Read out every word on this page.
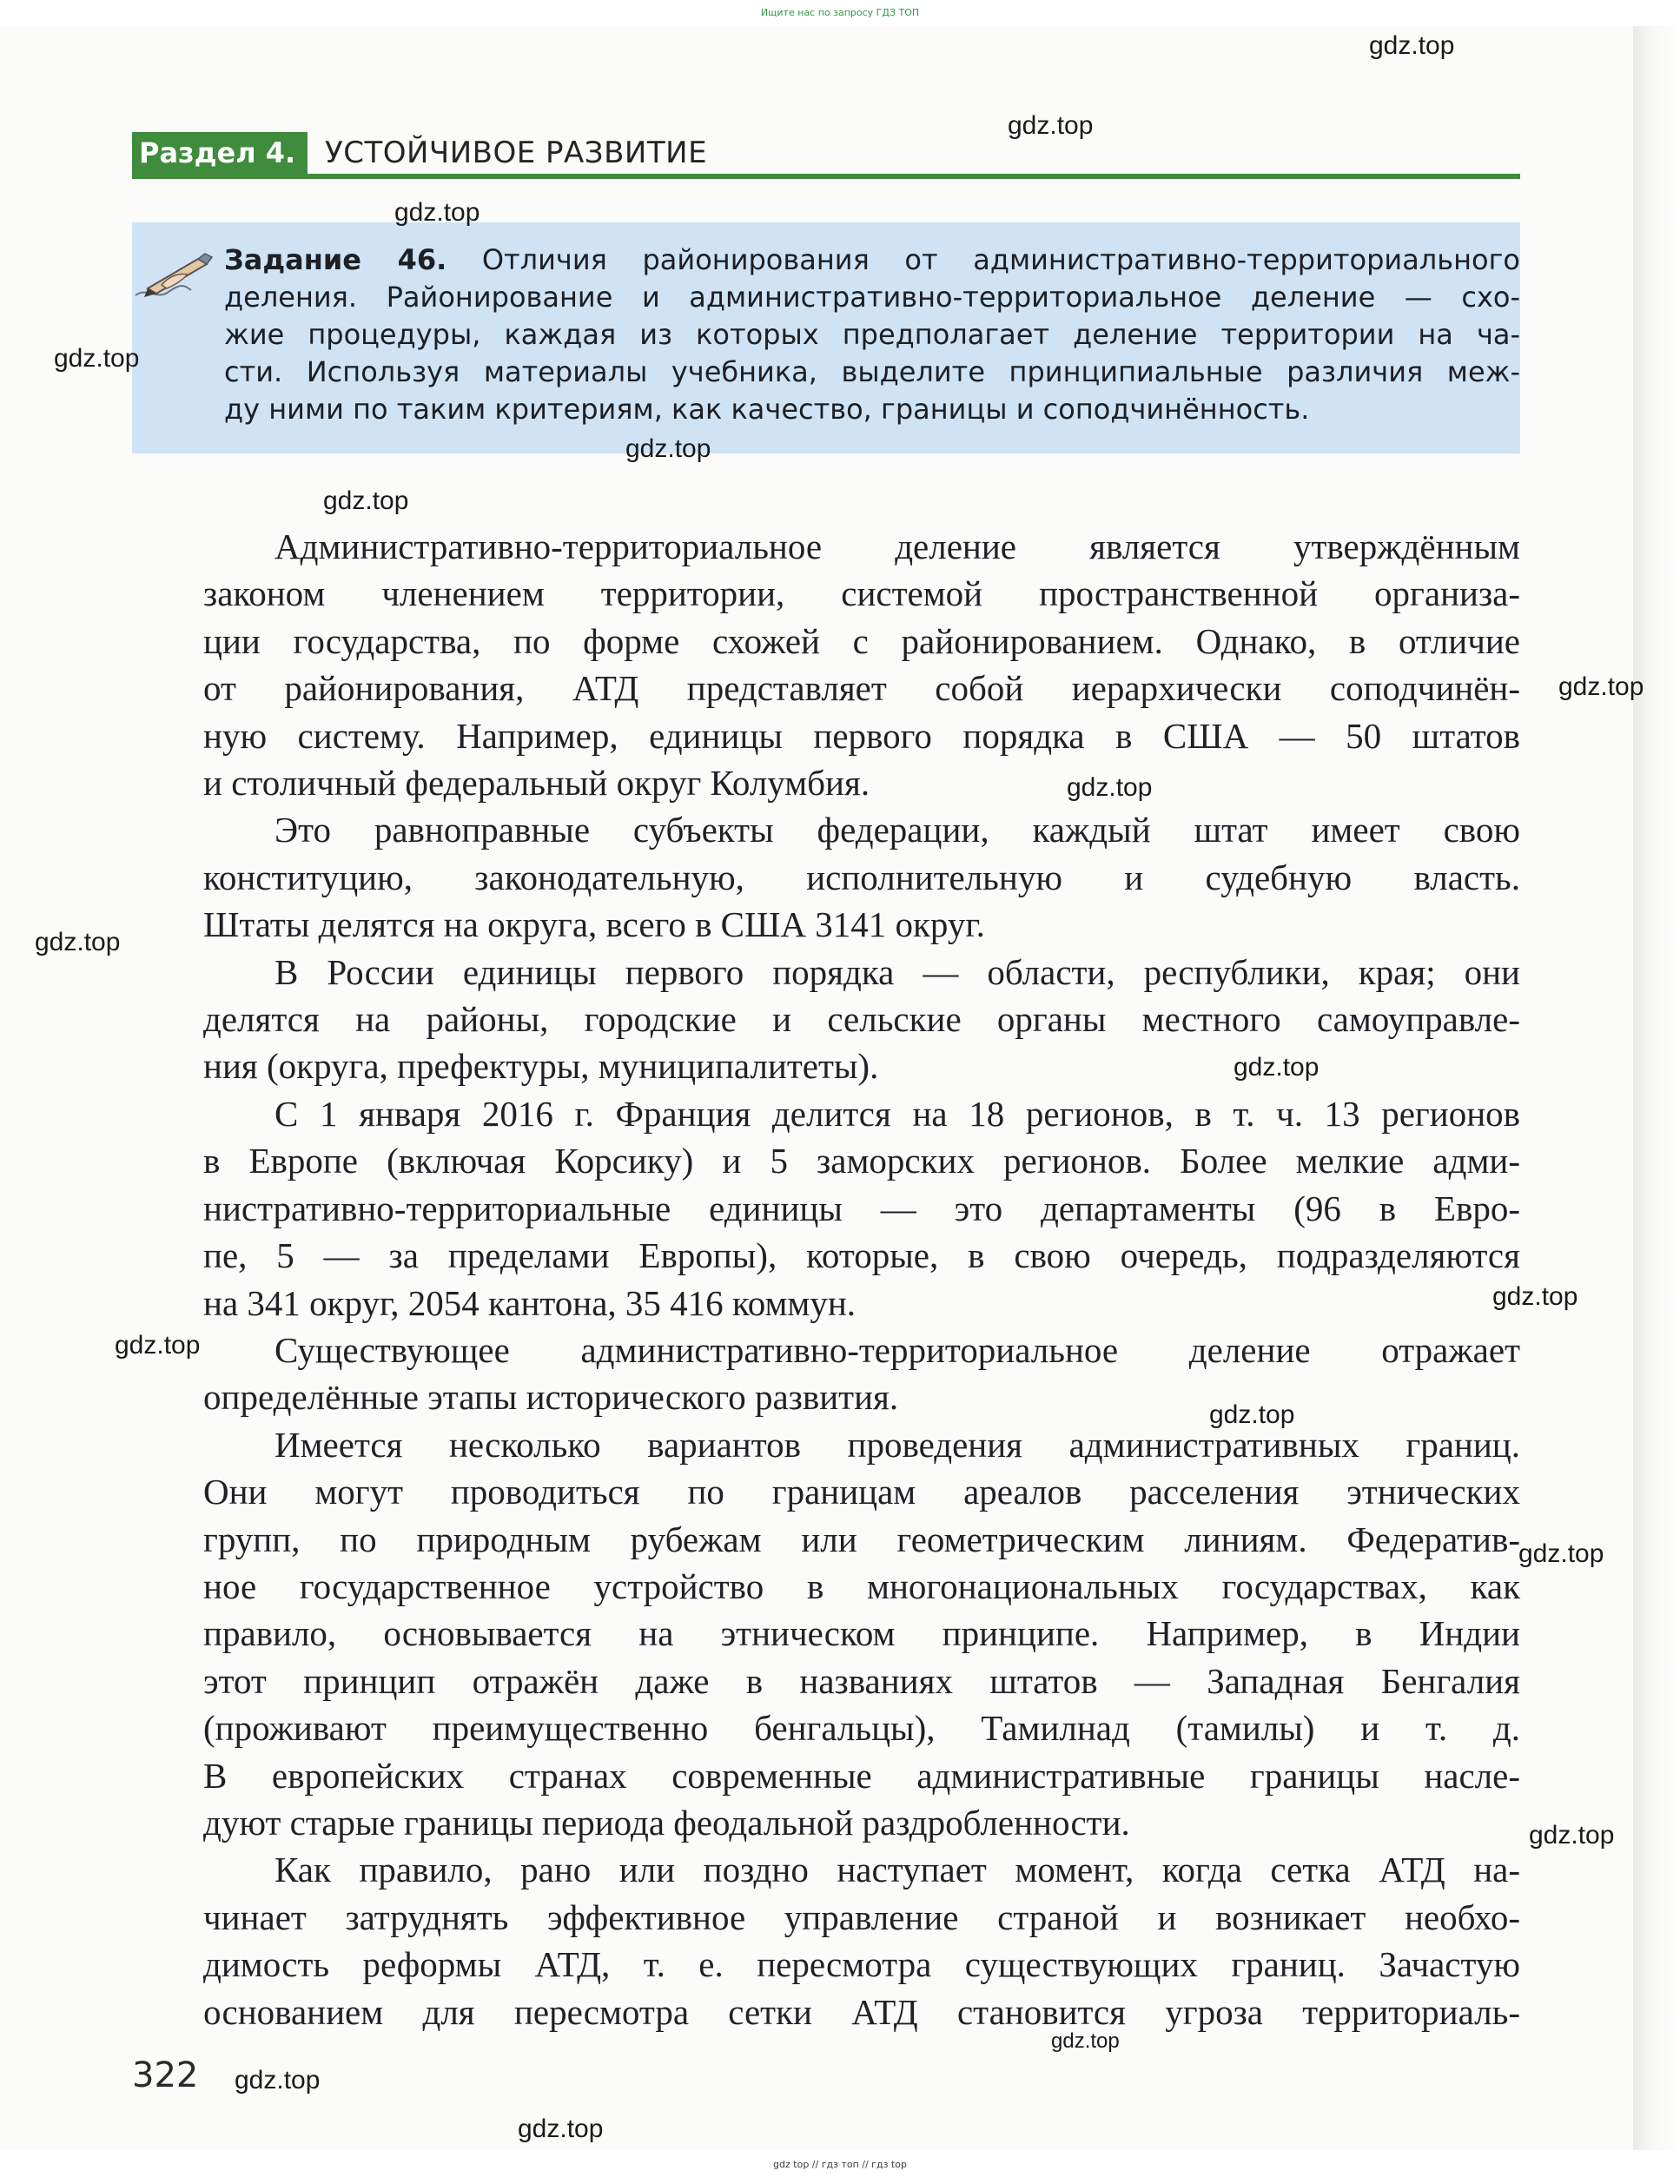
Ищите нас по запросу ГДЗ ТОП
Раздел 4. УСТОЙЧИВОЕ РАЗВИТИЕ
Задание 46. Отличия районирования от административно-территориального
деления. Районирование и административно-территориальное деление — схо-
жие процедуры, каждая из которых предполагает деление территории на ча-
сти. Используя материалы учебника, выделите принципиальные различия меж-
ду ними по таким критериям, как качество, границы и соподчинённость.
Административно-территориальное деление является утверждённым
законом членением территории, системой пространственной организа-
ции государства, по форме схожей с районированием. Однако, в отличие
от районирования, АТД представляет собой иерархически соподчинён-
ную систему. Например, единицы первого порядка в США — 50 штатов
и столичный федеральный округ Колумбия.
Это равноправные субъекты федерации, каждый штат имеет свою
конституцию, законодательную, исполнительную и судебную власть.
Штаты делятся на округа, всего в США 3141 округ.
В России единицы первого порядка — области, республики, края; они
делятся на районы, городские и сельские органы местного самоуправле-
ния (округа, префектуры, муниципалитеты).
С 1 января 2016 г. Франция делится на 18 регионов, в т. ч. 13 регионов
в Европе (включая Корсику) и 5 заморских регионов. Более мелкие адми-
нистративно-территориальные единицы — это департаменты (96 в Евро-
пе, 5 — за пределами Европы), которые, в свою очередь, подразделяются
на 341 округ, 2054 кантона, 35 416 коммун.
Существующее административно-территориальное деление отражает
определённые этапы исторического развития.
Имеется несколько вариантов проведения административных границ.
Они могут проводиться по границам ареалов расселения этнических
групп, по природным рубежам или геометрическим линиям. Федератив-
ное государственное устройство в многонациональных государствах, как
правило, основывается на этническом принципе. Например, в Индии
этот принцип отражён даже в названиях штатов — Западная Бенгалия
(проживают преимущественно бенгальцы), Тамилнад (тамилы) и т. д.
В европейских странах современные административные границы насле-
дуют старые границы периода феодальной раздробленности.
Как правило, рано или поздно наступает момент, когда сетка АТД на-
чинает затруднять эффективное управление страной и возникает необхо-
димость реформы АТД, т. е. пересмотра существующих границ. Зачастую
основанием для пересмотра сетки АТД становится угроза территориаль-
322
gdz.top
gdz.top
gdz.top
gdz.top
gdz.top
gdz.top
gdz.top
gdz.top
gdz.top
gdz.top
gdz.top
gdz.top
gdz.top
gdz.top
gdz.top
gdz.top
gdz.top
gdz.top
gdz top // гдз топ // гдз top
